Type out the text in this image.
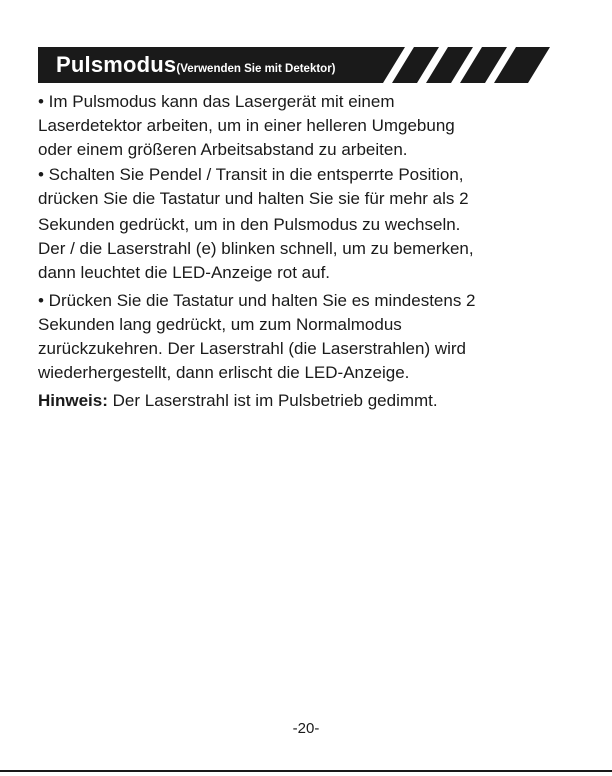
Pulsmodus(Verwenden Sie mit Detektor)

• Im Pulsmodus kann das Lasergerät mit einem
Laserdetektor arbeiten, um in einer helleren Umgebung
oder einem größeren Arbeitsabstand zu arbeiten.

• Schalten Sie Pendel / Transit in die entsperrte Position,
drücken Sie die Tastatur und halten Sie sie für mehr als 2

Sekunden gedrückt, um in den Pulsmodus zu wechseln.
Der / die Laserstrahl (e) blinken schnell, um zu bemerken,
dann leuchtet die LED-Anzeige rot auf.

• Drücken Sie die Tastatur und halten Sie es mindestens 2
Sekunden lang gedrückt, um zum Normalmodus
zurückzukehren. Der Laserstrahl (die Laserstrahlen) wird
wiederhergestellt, dann erlischt die LED-Anzeige.

Hinweis: Der Laserstrahl ist im Pulsbetrieb gedimmt.

-20-
